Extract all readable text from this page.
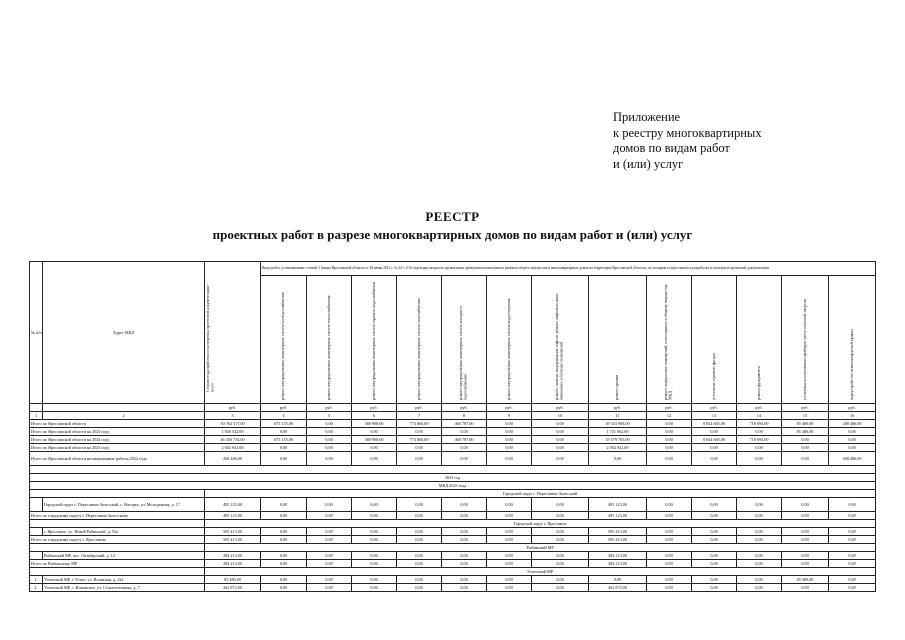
Приложение
к реестру многоквартирных
домов по видам работ
и (или) услуг
РЕЕСТР
проектных работ в разрезе многоквартирных домов по видам работ и (или) услуг
№ п/п	Адрес МКД	Стоимость разработки и экспертизы проектной документации - всего	Виды работ, установленные статьей 3 Закона Ярославской области от 28 июня 2013 г. № 32-з «Об отдельных вопросах организации проведения капитального ремонта общего имущества в многоквартирных домах на территории Ярославской области», по которым осуществляется разработка и экспертиза проектной документации												

			ремонт внутридомовых инженерных систем электроснабжения	ремонт внутридомовых инженерных систем теплоснабжения	ремонт внутридомовых инженерных систем горячего водоснабжения	ремонт внутридомовых инженерных систем газоснабжения	ремонт внутридомовых инженерных систем холодного водоснабжения	ремонт внутридомовых инженерных систем водоотведения	ремонт, замена, модернизация лифтов, ремонт лифтовых шахт, машинных и блочных помещений	ремонт крыши	ремонт подвальных помещений, относящихся к общему имуществу МКД	утепление и ремонт фасада	ремонт фундамента	установка коллективных приборов учета тепловой энергии	переустройство невентилируемой крыши

		руб.	руб.	руб.	руб.	руб.	руб.	руб.	руб.	руб.	руб.	руб.	руб.	руб.	руб.
1	2	3	4	5	6	7	8	9	10	11	12	13	14	15	16
Итого по Ярославской области		50 764 517,00	675 135,00	0,00	380 908,00	774 860,00	460 787,00	0,00	0,00	39 333 908,00	0,00	8 844 665,00	718 694,00	85 480,00	268 486,00
Итого по Ярославской области на 2023 году		1 836 542,00	0,00	0,00	0,00	0,00	0,00	0,00	0,00	1 751 062,00	0,00	0,00	0,00	85 480,00	0,00
Итого по Ярославской области на 2024 году		46 356 734,00	675 135,00	0,00	380 908,00	774 860,00	460 787,00	0,00	0,00	35 579 705,00	0,00	8 844 665,00	718 694,00	0,00	0,00
Итого по Ярославской области на 2025 году		2 002 941,00	0,00	0,00	0,00	0,00	0,00	0,00	0,00	2 002 941,00	0,00	0,00	0,00	0,00	0,00
Итого по Ярославской области незавершенные работы 2022 года		268 486,00	0,00	0,00	0,00	0,00	0,00	0,00	0,00	0,00	0,00	0,00	0,00	0,00	268 486,00

2023 год															
МКД 2023 года															
		Городской округ г. Переславль-Залесский													
	Городской округ г. Переславль-Залесский, с. Нагорье, ул. Молодежная, д. 17	495 123,00	0,00	0,00	0,00	0,00	0,00	0,00	0,00	495 123,00	0,00	0,00	0,00	0,00	0,00
Итого по городскому округу г. Переславль-Залесскому		495 123,00	0,00	0,00	0,00	0,00	0,00	0,00	0,00	495 123,00	0,00	0,00	0,00	0,00	0,00
		Городской округ г. Ярославль													
	г. Ярославль, ул. Новой Рябинской, д. 53а	505 413,00	0,00	0,00	0,00	0,00	0,00	0,00	0,00	505 413,00	0,00	0,00	0,00	0,00	0,00
Итого по городскому округу г. Ярославлю		505 413,00	0,00	0,00	0,00	0,00	0,00	0,00	0,00	505 413,00	0,00	0,00	0,00	0,00	0,00
		Рыбинский МР													
	Рыбинский МР, пос. Октябрьский, д. 12	284 214,00	0,00	0,00	0,00	0,00	0,00	0,00	0,00	284 214,00	0,00	0,00	0,00	0,00	0,00
Итого по Рыбинскому МР		284 214,00	0,00	0,00	0,00	0,00	0,00	0,00	0,00	284 214,00	0,00	0,00	0,00	0,00	0,00
		Угличский МР													
1.	Угличский МР, г. Углич, ул. Волжская, д. 22а	85 480,00	0,00	0,00	0,00	0,00	0,00	0,00	0,00	0,00	0,00	0,00	0,00	85 480,00	0,00
2.	Угличский МР, с. Ильинское, ул. Сельхозтехника, д. 7	262 872,00	0,00	0,00	0,00	0,00	0,00	0,00	0,00	262 872,00	0,00	0,00	0,00	0,00	0,00
